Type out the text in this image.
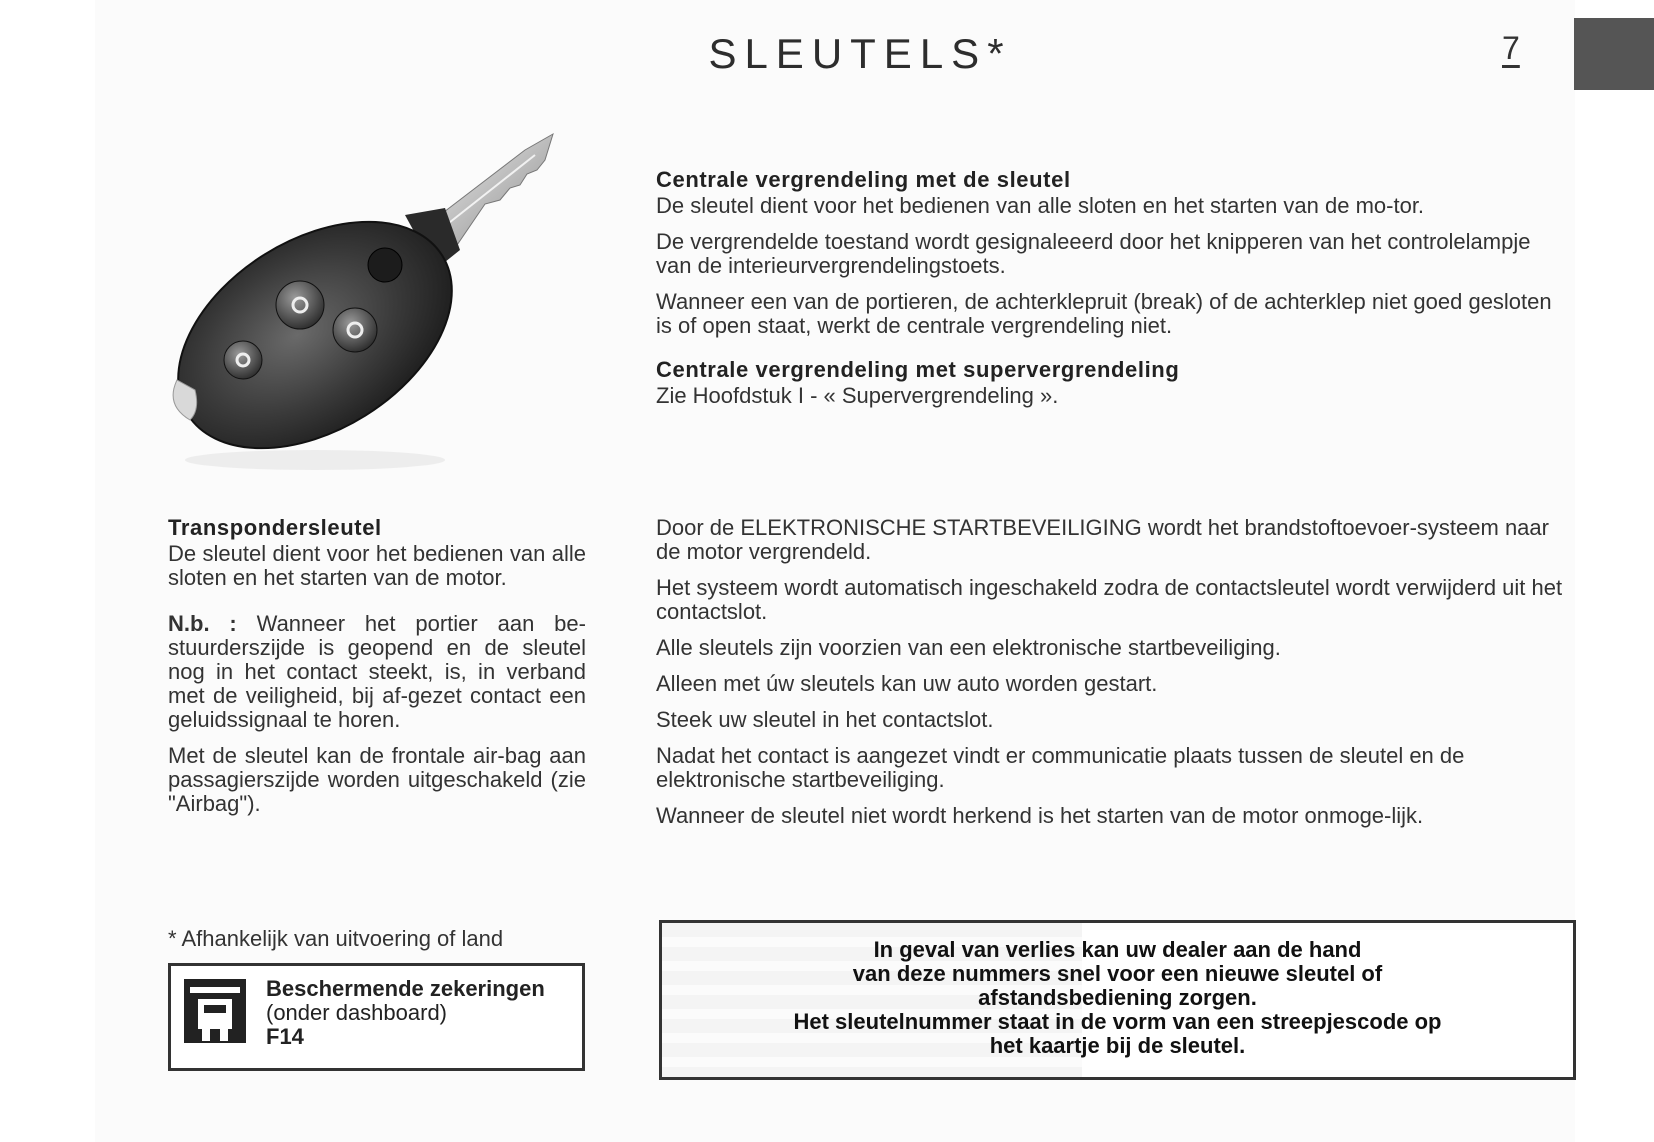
SLEUTELS*	7

Centrale vergrendeling met de sleutel

De sleutel dient voor het bedienen van alle sloten en het starten van de mo-tor.

De vergrendelde toestand wordt gesignaleeerd door het knipperen van het controlelampje van de interieurvergrendelingstoets.

Wanneer een van de portieren, de achterklepruit (break) of de achterklep niet goed gesloten is of open staat, werkt de centrale vergrendeling niet.

Centrale vergrendeling met supervergrendeling

Zie Hoofdstuk I - « Supervergrendeling ».

Transpondersleutel

De sleutel dient voor het bedienen van alle sloten en het starten van de motor.

N.b. : Wanneer het portier aan be-stuurderszijde is geopend en de sleutel nog in het contact steekt, is, in verband met de veiligheid, bij af-gezet contact een geluidssignaal te horen.

Met de sleutel kan de frontale air-bag aan passagierszijde worden uitgeschakeld (zie "Airbag").

Door de ELEKTRONISCHE STARTBEVEILIGING wordt het brandstoftoevoer-systeem naar de motor vergrendeld.

Het systeem wordt automatisch ingeschakeld zodra de contactsleutel wordt verwijderd uit het contactslot.

Alle sleutels zijn voorzien van een elektronische startbeveiliging.

Alleen met úw sleutels kan uw auto worden gestart.

Steek uw sleutel in het contactslot.

Nadat het contact is aangezet vindt er communicatie plaats tussen de sleutel en de elektronische startbeveiliging.

Wanneer de sleutel niet wordt herkend is het starten van de motor onmoge-lijk.

* Afhankelijk van uitvoering of land
Beschermende zekeringen
(onder dashboard)
F14
In geval van verlies kan uw dealer aan de hand
van deze nummers snel voor een nieuwe sleutel of
afstandsbediening zorgen.
Het sleutelnummer staat in de vorm van een streepjescode op
het kaartje bij de sleutel.
